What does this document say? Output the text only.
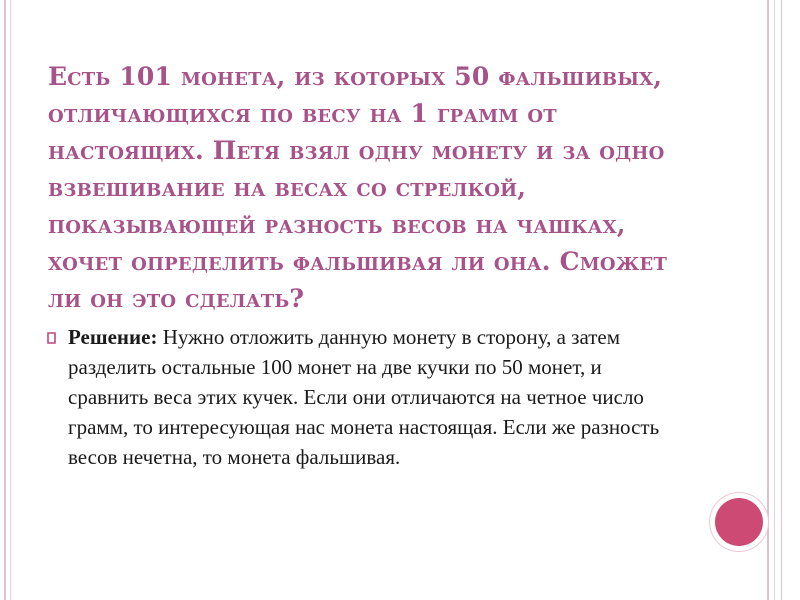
Есть 101 монета, из которых 50 фальшивых, отличающихся по весу на 1 грамм от настоящих. Петя взял одну монету и за одно взвешивание на весах со стрелкой, показывающей разность весов на чашках, хочет определить фальшивая ли она. Сможет ли он это сделать?

Решение: Нужно отложить данную монету в сторону, а затем разделить остальные 100 монет на две кучки по 50 монет, и сравнить веса этих кучек. Если они отличаются на четное число грамм, то интересующая нас монета настоящая. Если же разность весов нечетна, то монета фальшивая.
